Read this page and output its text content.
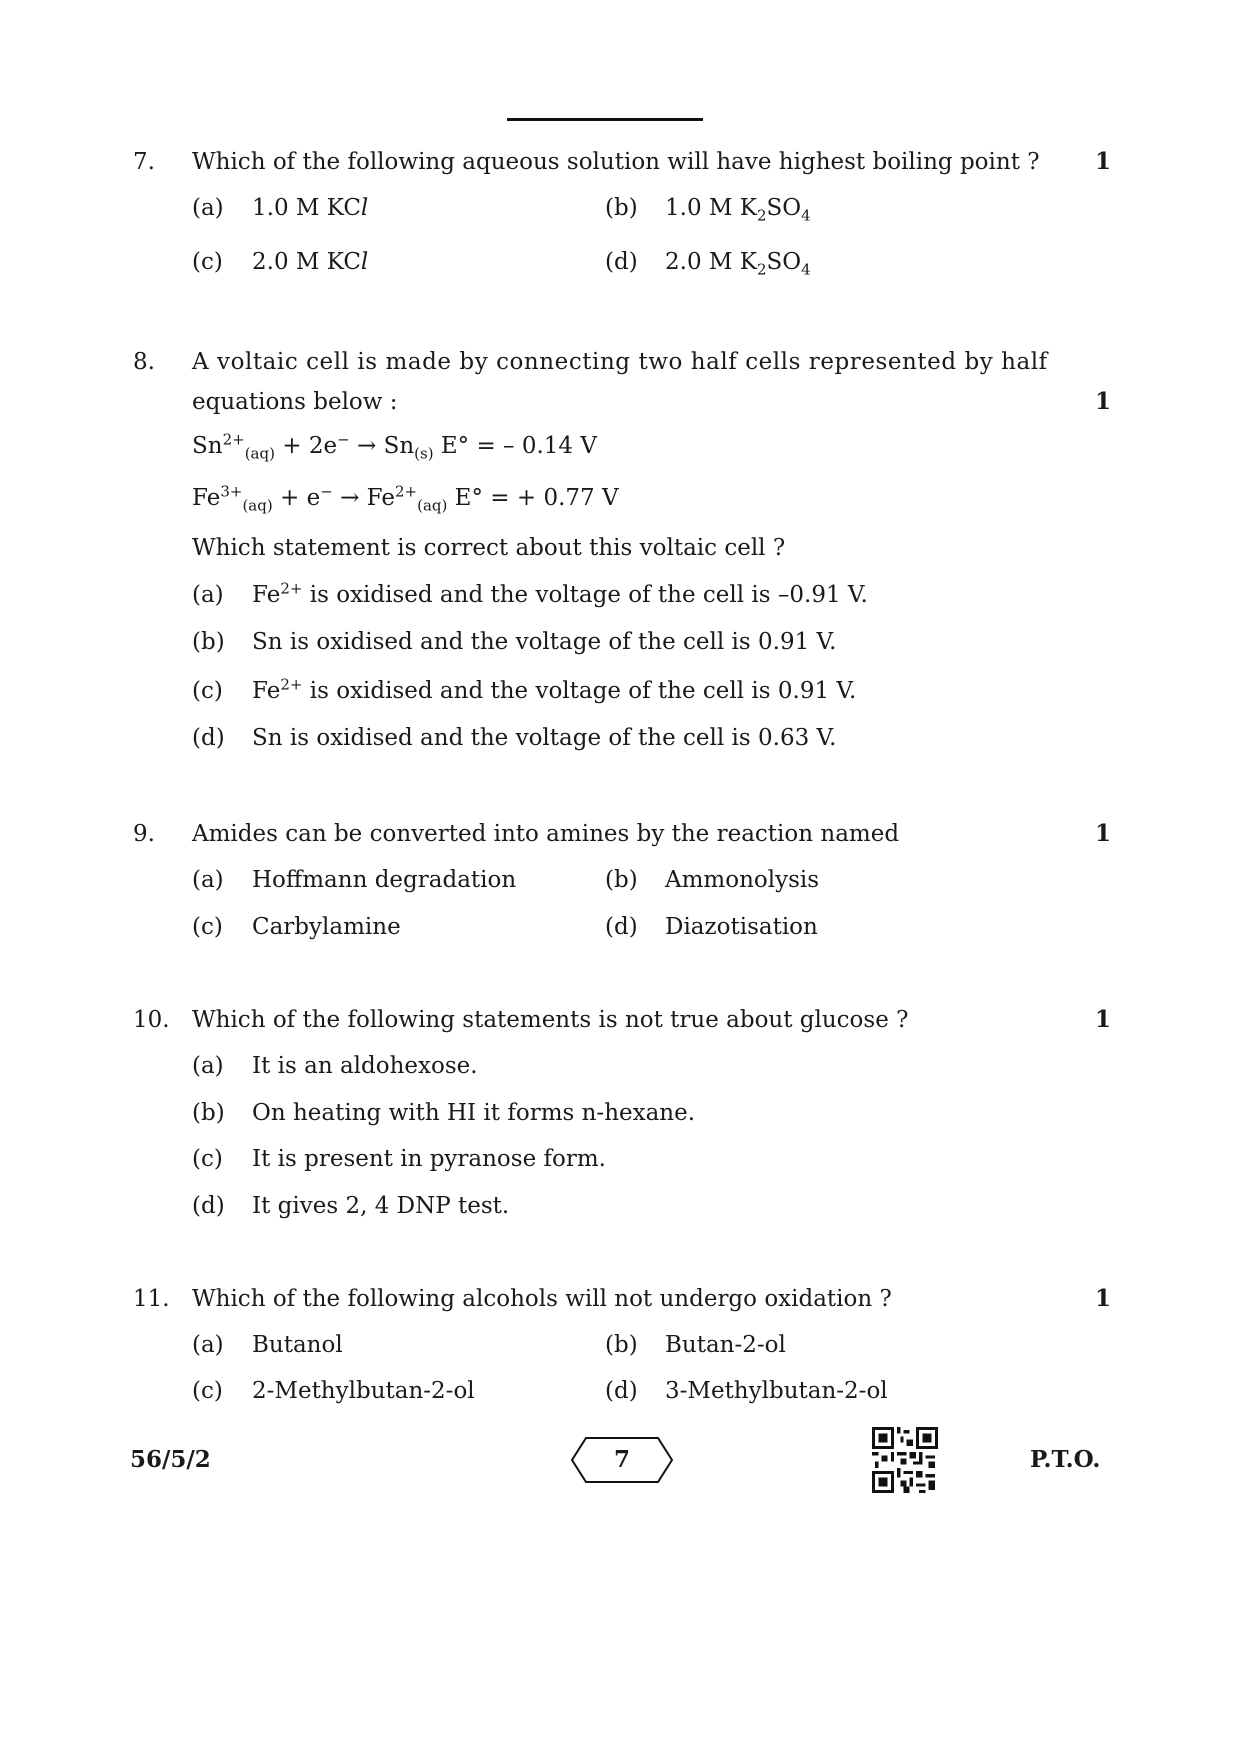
7. Which of the following aqueous solution will have highest boiling point ? 1
(a) 1.0 M KCl	(b) 1.0 M $K_2SO_4$
(c) 2.0 M KCl	(d) 2.0 M $K_2SO_4$
8. A voltaic cell is made by connecting two half cells represented by half
equations below :	1
$Sn^{2+}_{(aq)} + 2e^- \to Sn_{(s)}$ E° = – 0.14 V
$Fe^{3+}_{(aq)} + e^- \to Fe^{2+}_{(aq)}$ E° = + 0.77 V
Which statement is correct about this voltaic cell ?
(a) $Fe^{2+}$ is oxidised and the voltage of the cell is –0.91 V.
(b) Sn is oxidised and the voltage of the cell is 0.91 V.
(c) $Fe^{2+}$ is oxidised and the voltage of the cell is 0.91 V.
(d) Sn is oxidised and the voltage of the cell is 0.63 V.
9. Amides can be converted into amines by the reaction named	1
(a) Hoffmann degradation	(b) Ammonolysis
(c) Carbylamine	(d) Diazotisation
10. Which of the following statements is not true about glucose ?	1
(a) It is an aldohexose.
(b) On heating with HI it forms n-hexane.
(c) It is present in pyranose form.
(d) It gives 2, 4 DNP test.
11. Which of the following alcohols will not undergo oxidation ?	1
(a) Butanol	(b) Butan-2-ol
(c) 2-Methylbutan-2-ol	(d) 3-Methylbutan-2-ol
56/5/2	7	P.T.O.
